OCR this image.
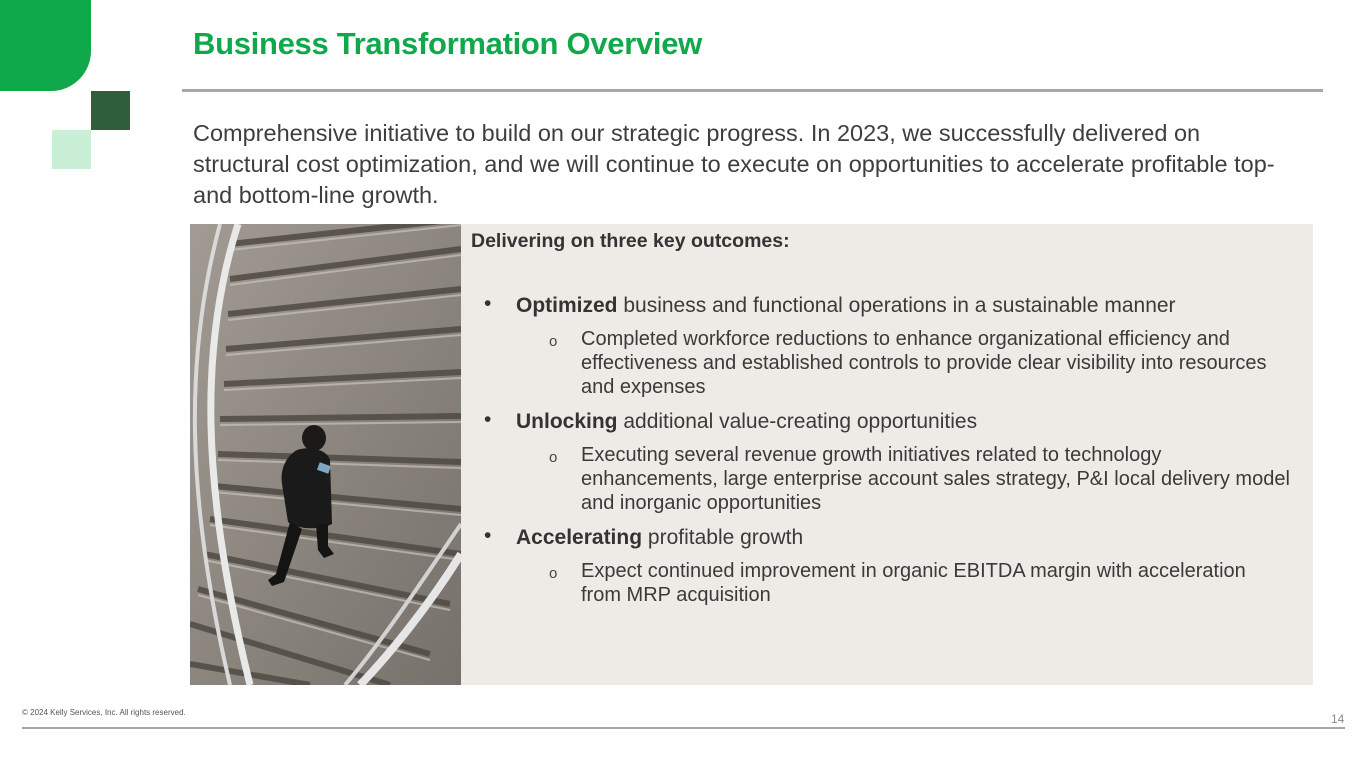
Business Transformation Overview
Comprehensive initiative to build on our strategic progress. In 2023, we successfully delivered on structural cost optimization, and we will continue to execute on opportunities to accelerate profitable top- and bottom-line growth.
Delivering on three key outcomes:
• Optimized business and functional operations in a sustainable manner
o Completed workforce reductions to enhance organizational efficiency and effectiveness and established controls to provide clear visibility into resources and expenses
• Unlocking additional value-creating opportunities
o Executing several revenue growth initiatives related to technology enhancements, large enterprise account sales strategy, P&I local delivery model and inorganic opportunities
• Accelerating profitable growth
o Expect continued improvement in organic EBITDA margin with acceleration from MRP acquisition
© 2024 Kelly Services, Inc. All rights reserved.	14
